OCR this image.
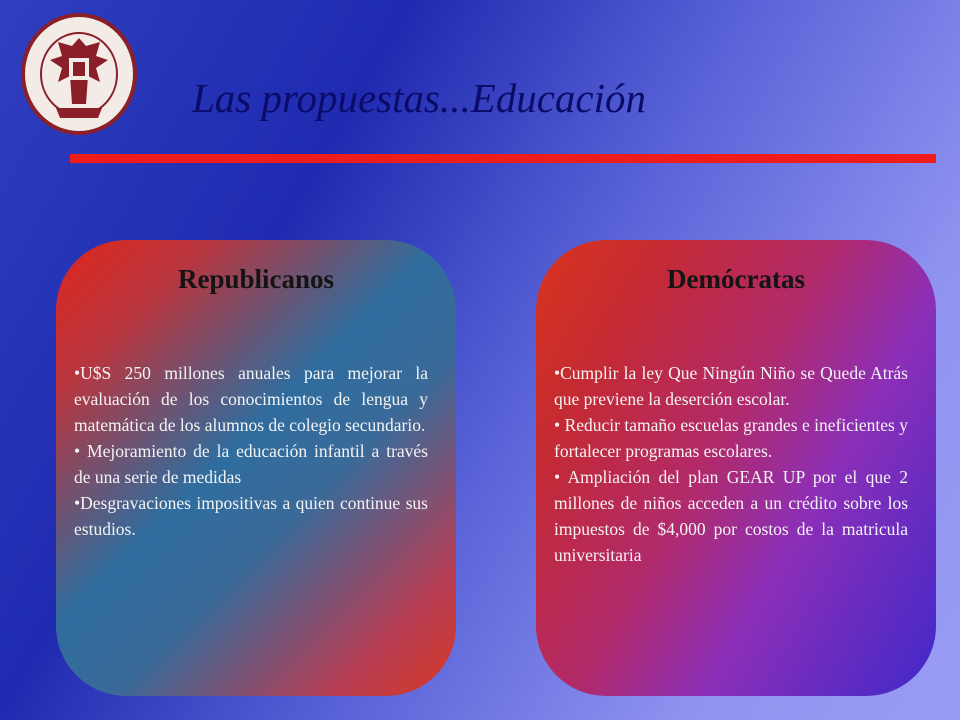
Las propuestas...Educación
Republicanos

•U$S 250 millones anuales para mejorar la evaluación de los conocimientos de lengua y matemática de los alumnos de colegio secundario.

• Mejoramiento de la educación infantil a través de una serie de medidas

•Desgravaciones impositivas a quien continue sus estudios.

Demócratas

•Cumplir la ley Que Ningún Niño se Quede Atrás que previene la deserción escolar.

• Reducir tamaño escuelas grandes e ineficientes y fortalecer programas escolares.

• Ampliación del plan GEAR UP por el que 2 millones de niños acceden a un crédito sobre los impuestos de $4,000 por costos de la matricula universitaria
